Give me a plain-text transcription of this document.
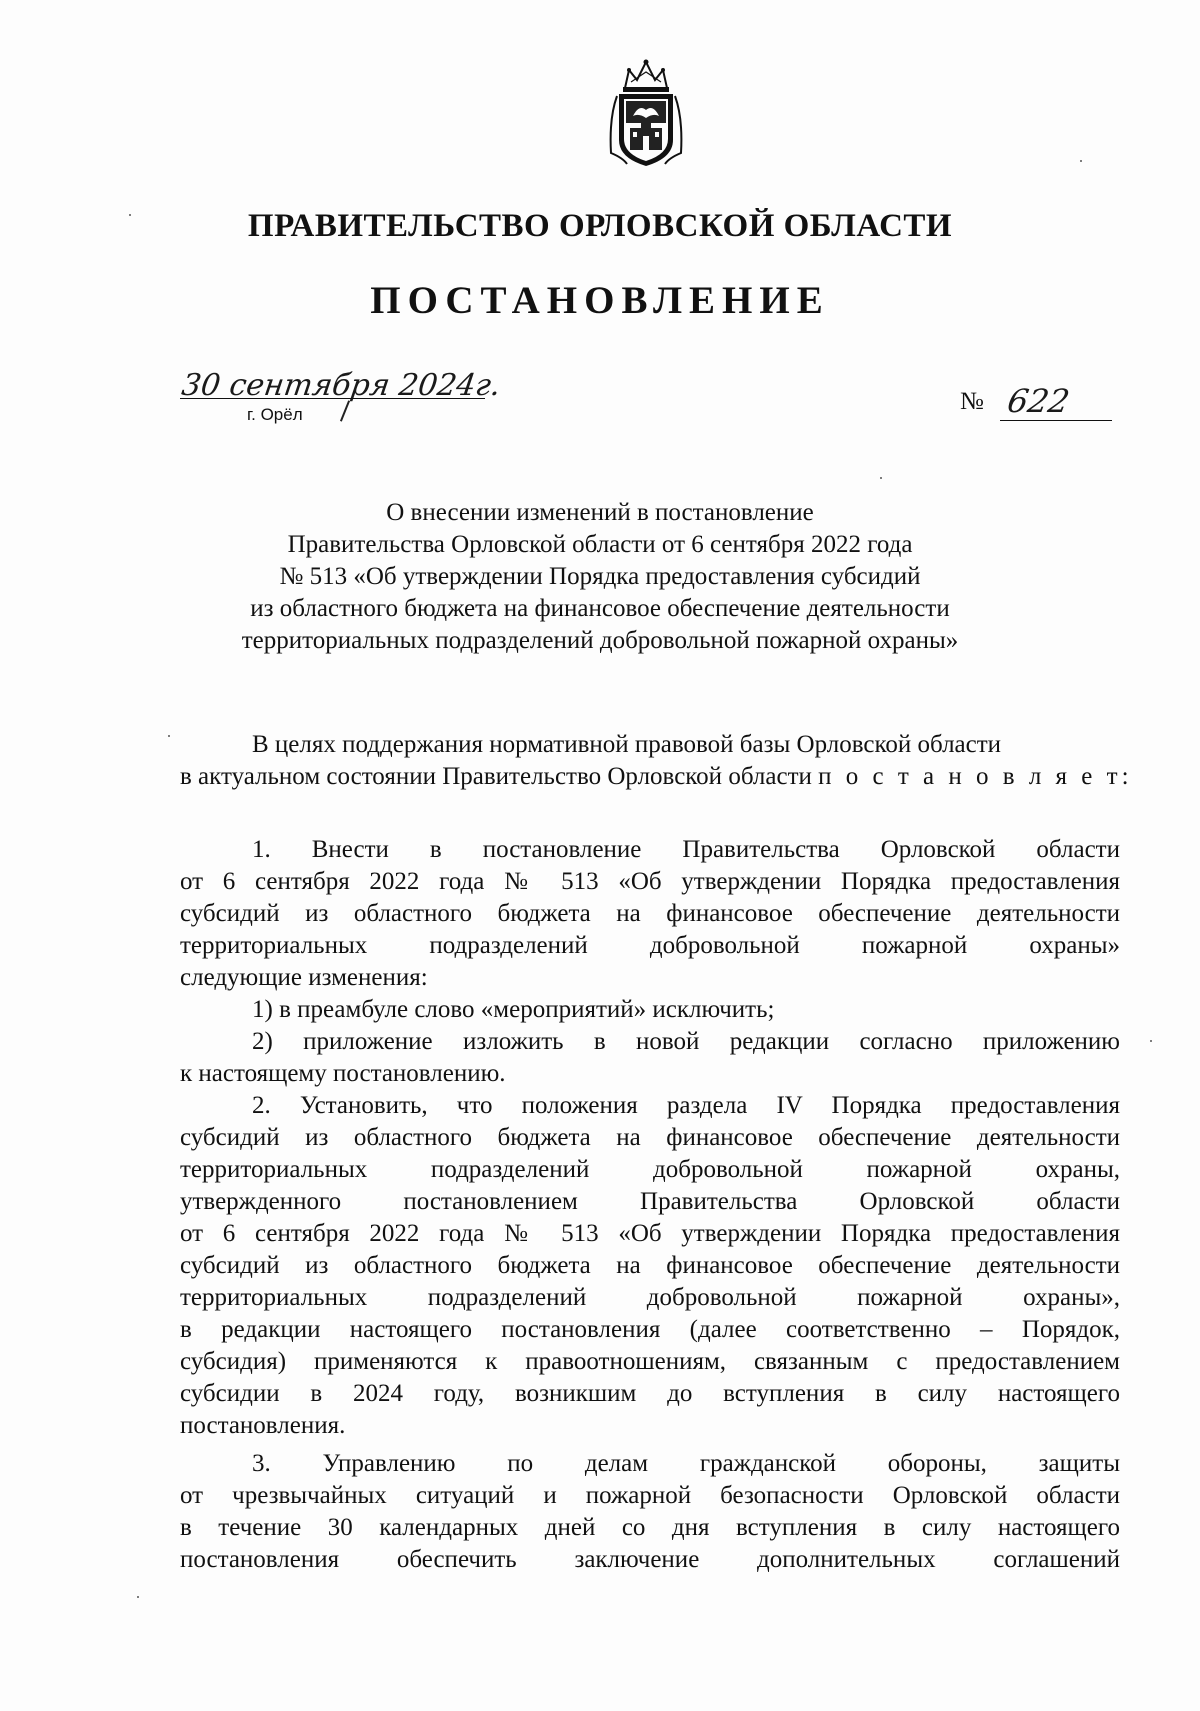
ПРАВИТЕЛЬСТВО ОРЛОВСКОЙ ОБЛАСТИ
ПОСТАНОВЛЕНИЕ
30 сентября 2024г.
г. Орёл	№ 622
О внесении изменений в постановление
Правительства Орловской области от 6 сентября 2022 года
№ 513 «Об утверждении Порядка предоставления субсидий
из областного бюджета на финансовое обеспечение деятельности
территориальных подразделений добровольной пожарной охраны»
В целях поддержания нормативной правовой базы Орловской области
в актуальном состоянии Правительство Орловской области п о с т а н о в л я е т:
1. Внести в постановление Правительства Орловской области
от 6 сентября 2022 года № 513 «Об утверждении Порядка предоставления
субсидий из областного бюджета на финансовое обеспечение деятельности
территориальных подразделений добровольной пожарной охраны»
следующие изменения:
1) в преамбуле слово «мероприятий» исключить;
2) приложение изложить в новой редакции согласно приложению
к настоящему постановлению.
2. Установить, что положения раздела IV Порядка предоставления
субсидий из областного бюджета на финансовое обеспечение деятельности
территориальных подразделений добровольной пожарной охраны,
утвержденного постановлением Правительства Орловской области
от 6 сентября 2022 года № 513 «Об утверждении Порядка предоставления
субсидий из областного бюджета на финансовое обеспечение деятельности
территориальных подразделений добровольной пожарной охраны»,
в редакции настоящего постановления (далее соответственно – Порядок,
субсидия) применяются к правоотношениям, связанным с предоставлением
субсидии в 2024 году, возникшим до вступления в силу настоящего
постановления.
3. Управлению по делам гражданской обороны, защиты
от чрезвычайных ситуаций и пожарной безопасности Орловской области
в течение 30 календарных дней со дня вступления в силу настоящего
постановления обеспечить заключение дополнительных соглашений
